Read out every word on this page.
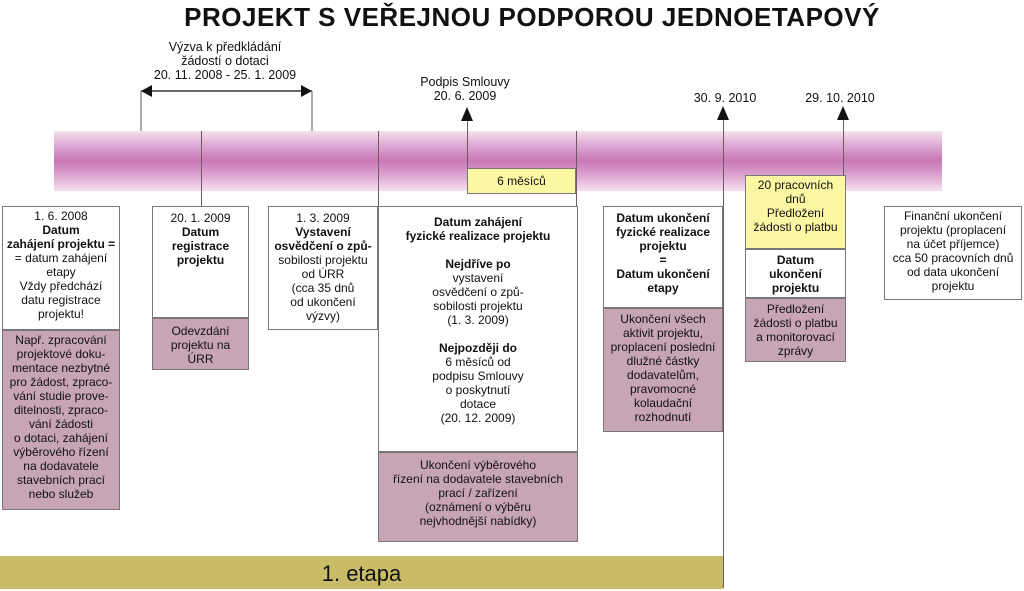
PROJEKT S VEŘEJNOU PODPOROU JEDNOETAPOVÝ
Výzva k předkládání
žádostí o dotaci
20. 11. 2008 - 25. 1. 2009	Podpis Smlouvy
20. 6. 2009	30. 9. 2010	29. 10. 2010
6 měsíců	20 pracovních
dnů
Předložení
žádosti o platbu
1. 6. 2008
Datum
zahájení projektu =
= datum zahájení
etapy
Vždy předchází
datu registrace
projektu!
Např. zpracování
projektové doku-
mentace nezbytné
pro žádost, zpraco-
vání studie prove-
ditelnosti, zpraco-
vání žádosti
o dotaci, zahájení
výběrového řízení
na dodavatele
stavebních prací
nebo služeb
20. 1. 2009
Datum
registrace
projektu
Odevzdání
projektu na
ÚRR
1. 3. 2009
Vystavení
osvědčení o způ-
sobilosti projektu
od ÚRR
(cca 35 dnů
od ukončení
výzvy)
Datum zahájení
fyzické realizace projektu
Nejdříve po
vystavení
osvědčení o způ-
sobilosti projektu
(1. 3. 2009)
Nejpozději do
6 měsíců od
podpisu Smlouvy
o poskytnutí
dotace
(20. 12. 2009)
Ukončení výběrového
řízení na dodavatele stavebních
prací / zařízení
(oznámení o výběru
nejvhodnější nabídky)
Datum ukončení
fyzické realizace
projektu
=
Datum ukončení
etapy
Ukončení všech
aktivit projektu,
proplacení poslední
dlužné částky
dodavatelům,
pravomocné
kolaudační
rozhodnutí
Datum
ukončení
projektu
Předložení
žádosti o platbu
a monitorovací
zprávy
Finanční ukončení
projektu (proplacení
na účet příjemce)
cca 50 pracovních dnů
od data ukončení
projektu
1. etapa
